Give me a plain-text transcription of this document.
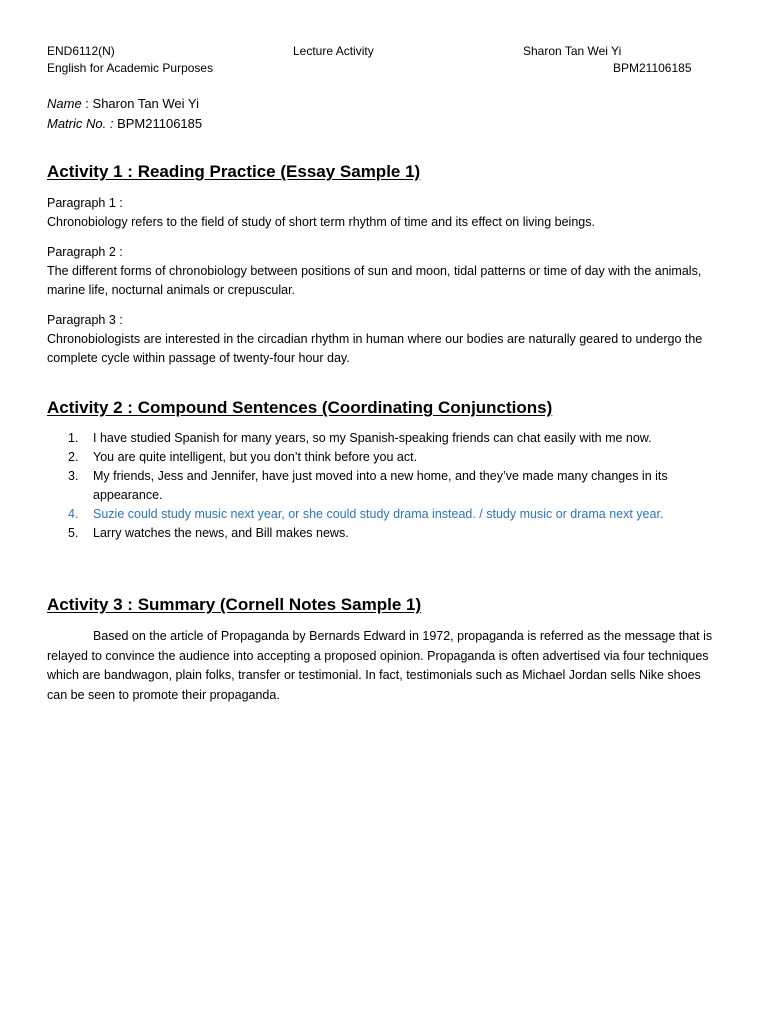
END6112(N)
English for Academic Purposes
Lecture Activity	Sharon Tan Wei Yi
BPM21106185
Name : Sharon Tan Wei Yi
Matric No. : BPM21106185
Activity 1 : Reading Practice (Essay Sample 1)
Paragraph 1 :
Chronobiology refers to the field of study of short term rhythm of time and its effect on living beings.
Paragraph 2 :
The different forms of chronobiology between positions of sun and moon, tidal patterns or time of day with the animals, marine life, nocturnal animals or crepuscular.
Paragraph 3 :
Chronobiologists are interested in the circadian rhythm in human where our bodies are naturally geared to undergo the complete cycle within passage of twenty-four hour day.
Activity 2 : Compound Sentences (Coordinating Conjunctions)
1. I have studied Spanish for many years, so my Spanish-speaking friends can chat easily with me now.
2. You are quite intelligent, but you don’t think before you act.
3. My friends, Jess and Jennifer, have just moved into a new home, and they’ve made many changes in its appearance.
4. Suzie could study music next year, or she could study drama instead. / study music or drama next year.
5. Larry watches the news, and Bill makes news.
Activity 3 : Summary (Cornell Notes Sample 1)

Based on the article of Propaganda by Bernards Edward in 1972, propaganda is referred as the message that is relayed to convince the audience into accepting a proposed opinion. Propaganda is often advertised via four techniques which are bandwagon, plain folks, transfer or testimonial. In fact, testimonials such as Michael Jordan sells Nike shoes can be seen to promote their propaganda.
